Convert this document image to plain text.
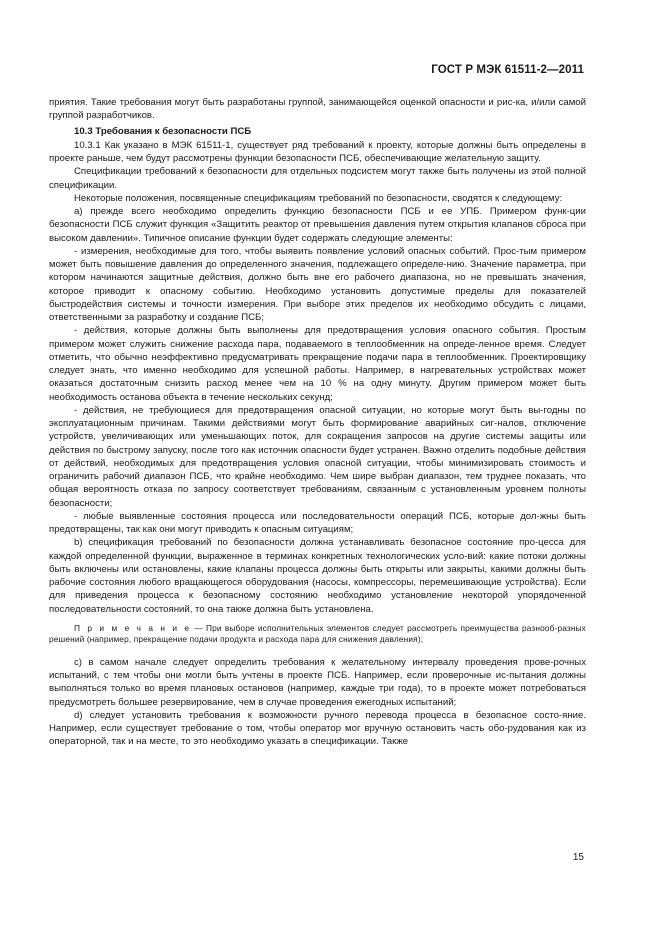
ГОСТ Р МЭК 61511-2—2011

приятия. Такие требования могут быть разработаны группой, занимающейся оценкой опасности и рис-ка, и/или самой группой разработчиков.

10.3 Требования к безопасности ПСБ

10.3.1 Как указано в МЭК 61511-1, существует ряд требований к проекту, которые должны быть определены в проекте раньше, чем будут рассмотрены функции безопасности ПСБ, обеспечивающие желательную защиту.

Спецификации требований к безопасности для отдельных подсистем могут также быть получены из этой полной спецификации.

Некоторые положения, посвященные спецификациям требований по безопасности, сводятся к следующему:

а) прежде всего необходимо определить функцию безопасности ПСБ и ее УПБ. Примером функ-ции безопасности ПСБ служит функция «Защитить реактор от превышения давления путем открытия клапанов сброса при высоком давлении». Типичное описание функции будет содержать следующие элементы:

- измерения, необходимые для того, чтобы выявить появление условий опасных событий. Прос-тым примером может быть повышение давления до определенного значения, подлежащего определе-нию. Значение параметра, при котором начинаются защитные действия, должно быть вне его рабочего диапазона, но не превышать значения, которое приводит к опасному событию. Необходимо установить допустимые пределы для показателей быстродействия системы и точности измерения. При выборе этих пределов их необходимо обсудить с лицами, ответственными за разработку и создание ПСБ;

- действия, которые должны быть выполнены для предотвращения условия опасного события. Простым примером может служить снижение расхода пара, подаваемого в теплообменник на опреде-ленное время. Следует отметить, что обычно неэффективно предусматривать прекращение подачи пара в теплообменник. Проектировщику следует знать, что именно необходимо для успешной работы. Например, в нагревательных устройствах может оказаться достаточным снизить расход менее чем на 10 % на одну минуту. Другим примером может быть необходимость останова объекта в течение нескольких секунд;

- действия, не требующиеся для предотвращения опасной ситуации, но которые могут быть вы-годны по эксплуатационным причинам. Такими действиями могут быть формирование аварийных сиг-налов, отключение устройств, увеличивающих или уменьшающих поток, для сокращения запросов на другие системы защиты или действия по быстрому запуску, после того как источник опасности будет устранен. Важно отделить подобные действия от действий, необходимых для предотвращения условия опасной ситуации, чтобы минимизировать стоимость и ограничить рабочий диапазон ПСБ, что крайне необходимо. Чем шире выбран диапазон, тем труднее показать, что общая вероятность отказа по запросу соответствует требованиям, связанным с установленным уровнем полноты безопасности;

- любые выявленные состояния процесса или последовательности операций ПСБ, которые дол-жны быть предотвращены, так как они могут приводить к опасным ситуациям;

b) спецификация требований по безопасности должна устанавливать безопасное состояние про-цесса для каждой определенной функции, выраженное в терминах конкретных технологических усло-вий: какие потоки должны быть включены или остановлены, какие клапаны процесса должны быть открыты или закрыты, какими должны быть рабочие состояния любого вращающегося оборудования (насосы, компрессоры, перемешивающие устройства). Если для приведения процесса к безопасному состоянию необходимо установление некоторой упорядоченной последовательности состояний, то она также должна быть установлена.

П р и м е ч а н и е — При выборе исполнительных элементов следует рассмотреть преимущества разнооб-разных решений (например, прекращение подачи продукта и расхода пара для снижения давления);

c) в самом начале следует определить требования к желательному интервалу проведения прове-рочных испытаний, с тем чтобы они могли быть учтены в проекте ПСБ. Например, если проверочные ис-пытания должны выполняться только во время плановых остановов (например, каждые три года), то в проекте может потребоваться предусмотреть большее резервирование, чем в случае проведения ежегодных испытаний;

d) следует установить требования к возможности ручного перевода процесса в безопасное состо-яние. Например, если существует требование о том, чтобы оператор мог вручную остановить часть обо-рудования как из операторной, так и на месте, то это необходимо указать в спецификации. Также

15
